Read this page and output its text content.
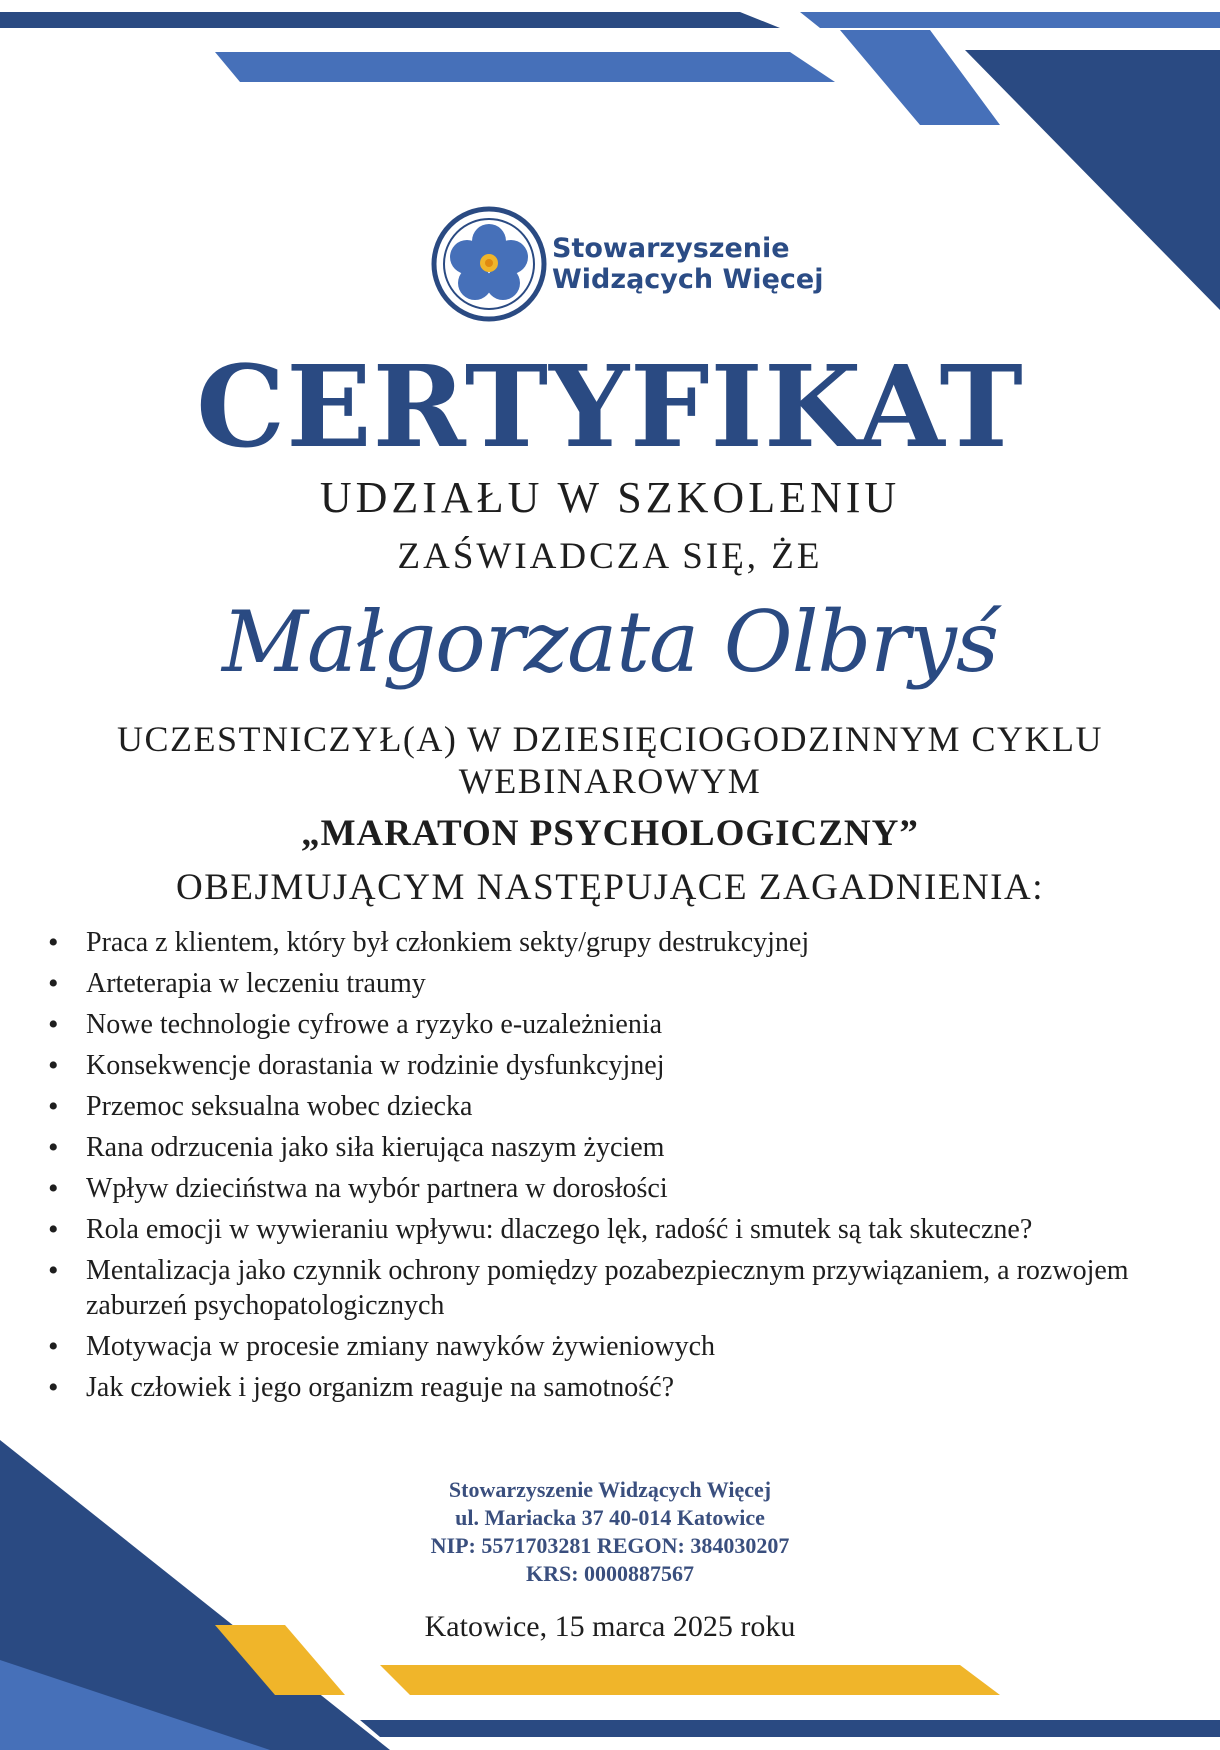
Stowarzyszenie
Widzących Więcej
CERTYFIKAT
UDZIAŁU W SZKOLENIU
ZAŚWIADCZA SIĘ, ŻE
Małgorzata Olbryś
UCZESTNICZYŁ(A) W DZIESIĘCIOGODZINNYM CYKLU
WEBINAROWYM
„MARATON PSYCHOLOGICZNY”
OBEJMUJĄCYM NASTĘPUJĄCE ZAGADNIENIA:
• Praca z klientem, który był członkiem sekty/grupy destrukcyjnej
• Arteterapia w leczeniu traumy
• Nowe technologie cyfrowe a ryzyko e-uzależnienia
• Konsekwencje dorastania w rodzinie dysfunkcyjnej
• Przemoc seksualna wobec dziecka
• Rana odrzucenia jako siła kierująca naszym życiem
• Wpływ dzieciństwa na wybór partnera w dorosłości
• Rola emocji w wywieraniu wpływu: dlaczego lęk, radość i smutek są tak skuteczne?
• Mentalizacja jako czynnik ochrony pomiędzy pozabezpiecznym przywiązaniem, a rozwojem zaburzeń psychopatologicznych
• Motywacja w procesie zmiany nawyków żywieniowych
• Jak człowiek i jego organizm reaguje na samotność?
Stowarzyszenie Widzących Więcej
ul. Mariacka 37 40-014 Katowice
NIP: 5571703281 REGON: 384030207
KRS: 0000887567
Katowice, 15 marca 2025 roku
